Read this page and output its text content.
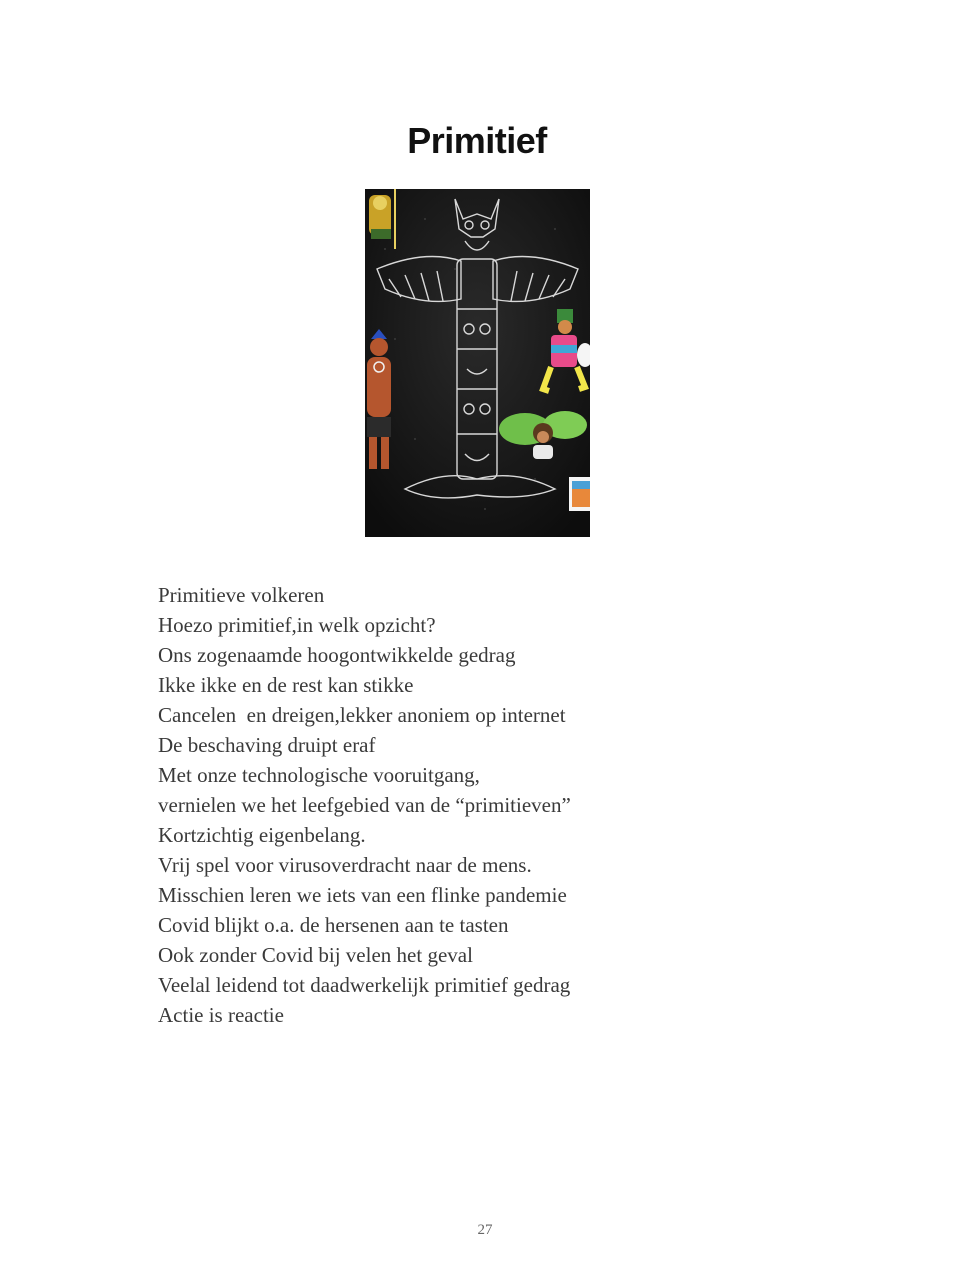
Primitief
Primitieve volkeren
Hoezo primitief,in welk opzicht?
Ons zogenaamde hoogontwikkelde gedrag
Ikke ikke en de rest kan stikke
Cancelen  en dreigen,lekker anoniem op internet
De beschaving druipt eraf
Met onze technologische vooruitgang,
vernielen we het leefgebied van de “primitieven”
Kortzichtig eigenbelang.
Vrij spel voor virusoverdracht naar de mens.
Misschien leren we iets van een flinke pandemie
Covid blijkt o.a. de hersenen aan te tasten
Ook zonder Covid bij velen het geval
Veelal leidend tot daadwerkelijk primitief gedrag
Actie is reactie
27
